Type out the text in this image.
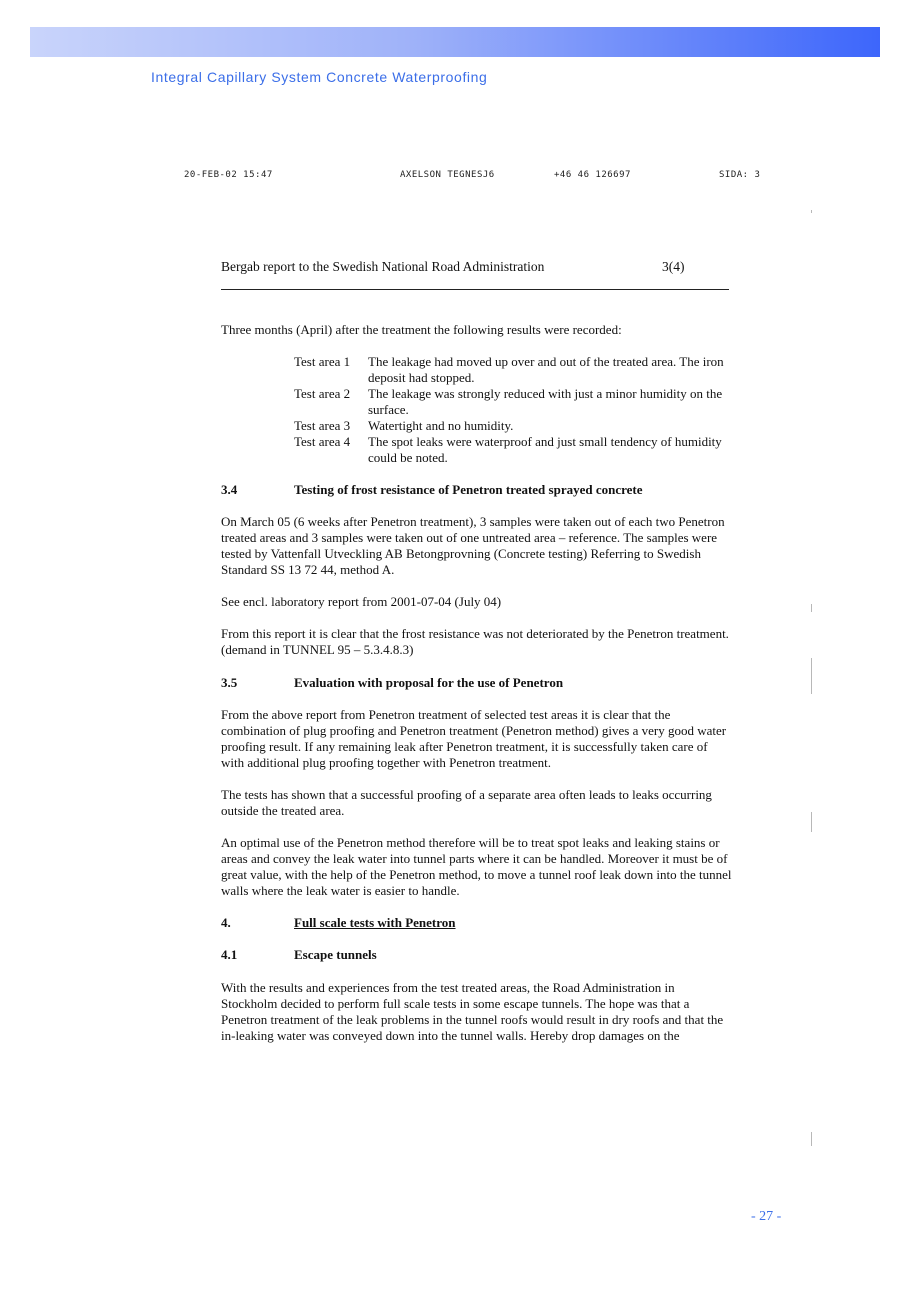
Integral Capillary System Concrete Waterproofing
20-FEB-02 15:47	AXELSON TEGNESJ6	+46 46 126697	SIDA: 3
Bergab report to the Swedish National Road Administration	3(4)

Three months (April) after the treatment the following results were recorded:

Test area 1	The leakage had moved up over and out of the treated area. The iron deposit had stopped.
Test area 2	The leakage was strongly reduced with just a minor humidity on the surface.
Test area 3	Watertight and no humidity.
Test area 4	The spot leaks were waterproof and just small tendency of humidity could be noted.
3.4	Testing of frost resistance of Penetron treated sprayed concrete

On March 05 (6 weeks after Penetron treatment), 3 samples were taken out of each two Penetron treated areas and 3 samples were taken out of one untreated area – reference. The samples were tested by Vattenfall Utveckling AB Betongprovning (Concrete testing) Referring to Swedish Standard SS 13 72 44, method A.

See encl. laboratory report from 2001-07-04 (July 04)

From this report it is clear that the frost resistance was not deteriorated by the Penetron treatment. (demand in TUNNEL 95 – 5.3.4.8.3)

3.5	Evaluation with proposal for the use of Penetron

From the above report from Penetron treatment of selected test areas it is clear that the combination of plug proofing and Penetron treatment (Penetron method) gives a very good water proofing result. If any remaining leak after Penetron treatment, it is successfully taken care of with additional plug proofing together with Penetron treatment.

The tests has shown that a successful proofing of a separate area often leads to leaks occurring outside the treated area.

An optimal use of the Penetron method therefore will be to treat spot leaks and leaking stains or areas and convey the leak water into tunnel parts where it can be handled. Moreover it must be of great value, with the help of the Penetron method, to move a tunnel roof leak down into the tunnel walls where the leak water is easier to handle.

4.	Full scale tests with Penetron
4.1	Escape tunnels

With the results and experiences from the test treated areas, the Road Administration in Stockholm decided to perform full scale tests in some escape tunnels. The hope was that a Penetron treatment of the leak problems in the tunnel roofs would result in dry roofs and that the in-leaking water was conveyed down into the tunnel walls. Hereby drop damages on the

- 27 -
